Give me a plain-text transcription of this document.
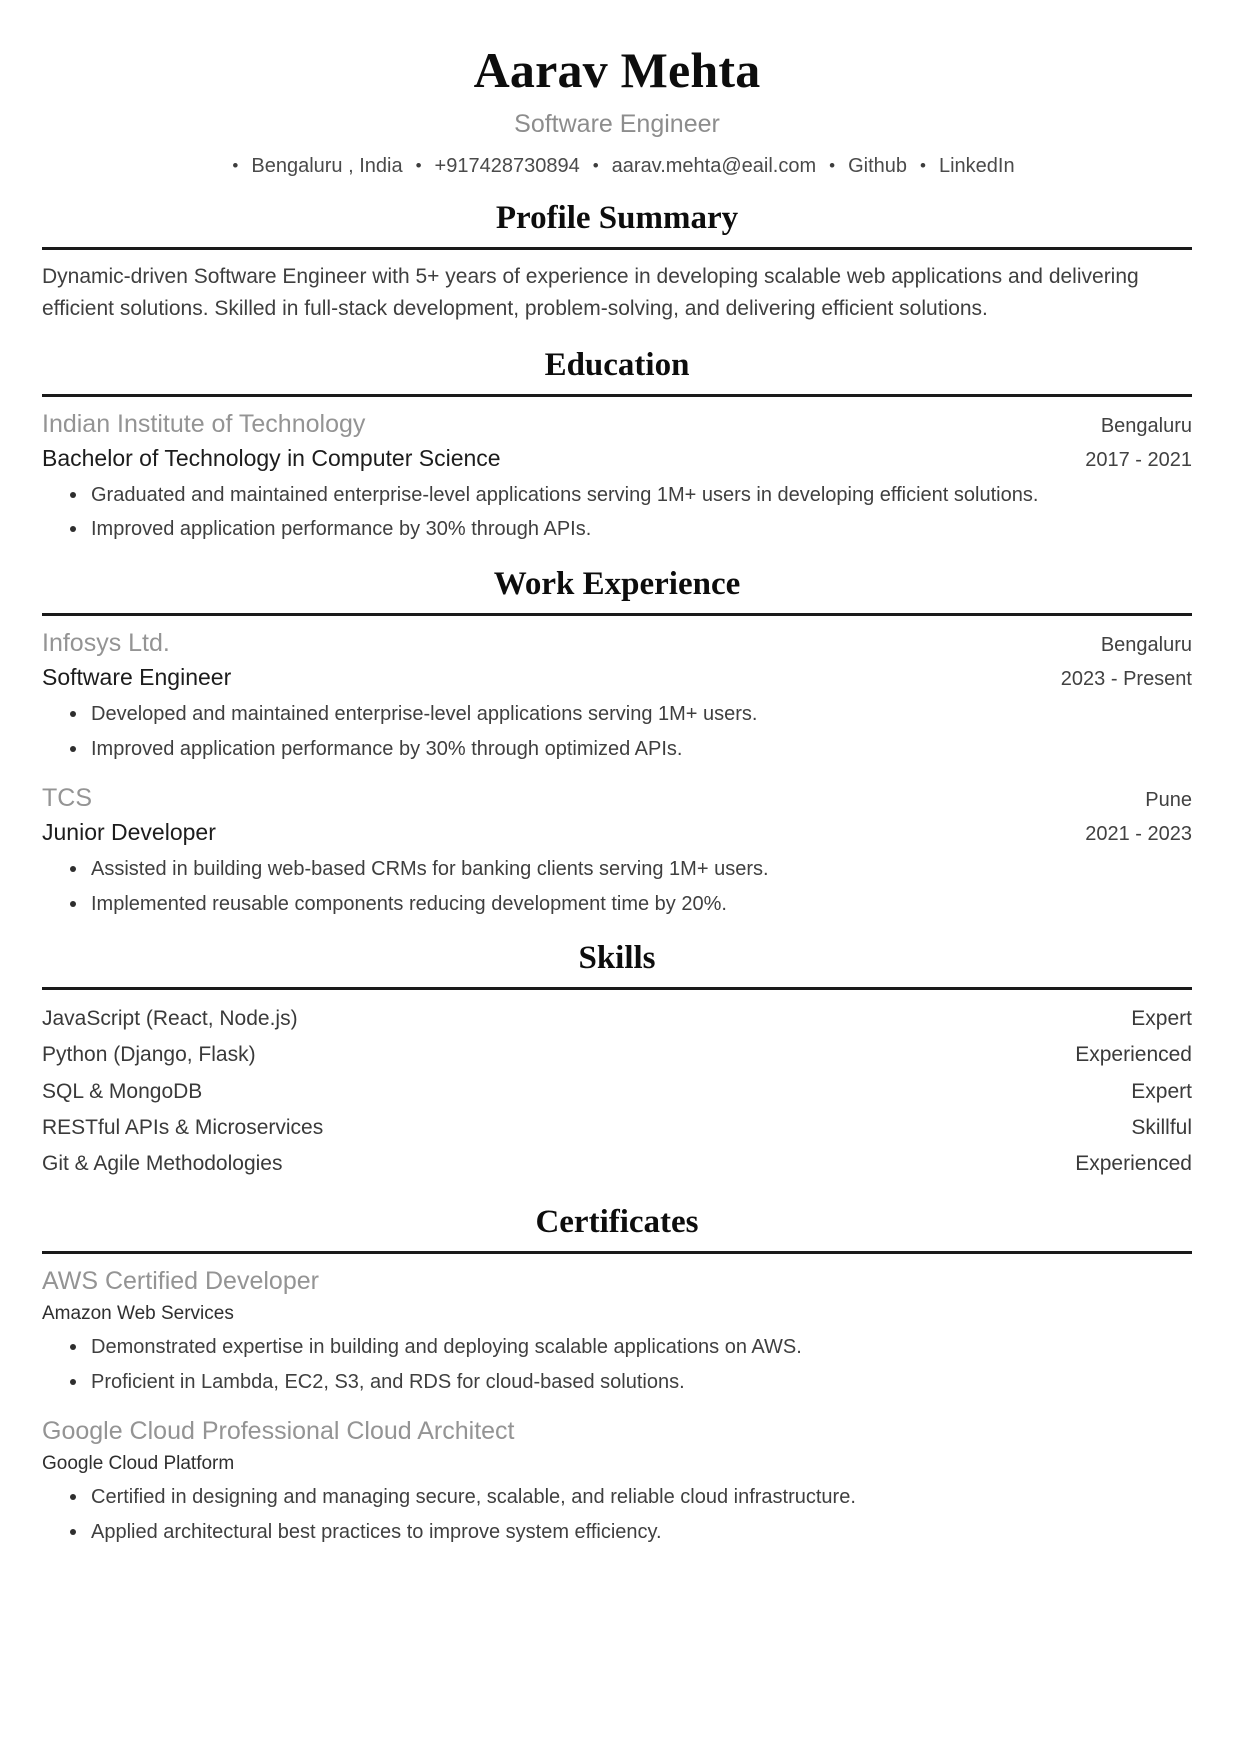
Aarav Mehta
Software Engineer
• Bengaluru , India • +917428730894 • aarav.mehta@eail.com • Github • LinkedIn
Profile Summary

Dynamic-driven Software Engineer with 5+ years of experience in developing scalable web applications and delivering efficient solutions. Skilled in full-stack development, problem-solving, and delivering efficient solutions.

Education
Indian Institute of Technology	Bengaluru
Bachelor of Technology in Computer Science	2017 - 2021
Graduated and maintained enterprise-level applications serving 1M+ users in developing efficient solutions.
Improved application performance by 30% through APIs.
Work Experience
Infosys Ltd.	Bengaluru
Software Engineer	2023 - Present
Developed and maintained enterprise-level applications serving 1M+ users.
Improved application performance by 30% through optimized APIs.
TCS	Pune
Junior Developer	2021 - 2023
Assisted in building web-based CRMs for banking clients serving 1M+ users.
Implemented reusable components reducing development time by 20%.
Skills
JavaScript (React, Node.js)	Expert
Python (Django, Flask)	Experienced
SQL & MongoDB	Expert
RESTful APIs & Microservices	Skillful
Git & Agile Methodologies	Experienced
Certificates
AWS Certified Developer
Amazon Web Services
Demonstrated expertise in building and deploying scalable applications on AWS.
Proficient in Lambda, EC2, S3, and RDS for cloud-based solutions.
Google Cloud Professional Cloud Architect
Google Cloud Platform
Certified in designing and managing secure, scalable, and reliable cloud infrastructure.
Applied architectural best practices to improve system efficiency.
